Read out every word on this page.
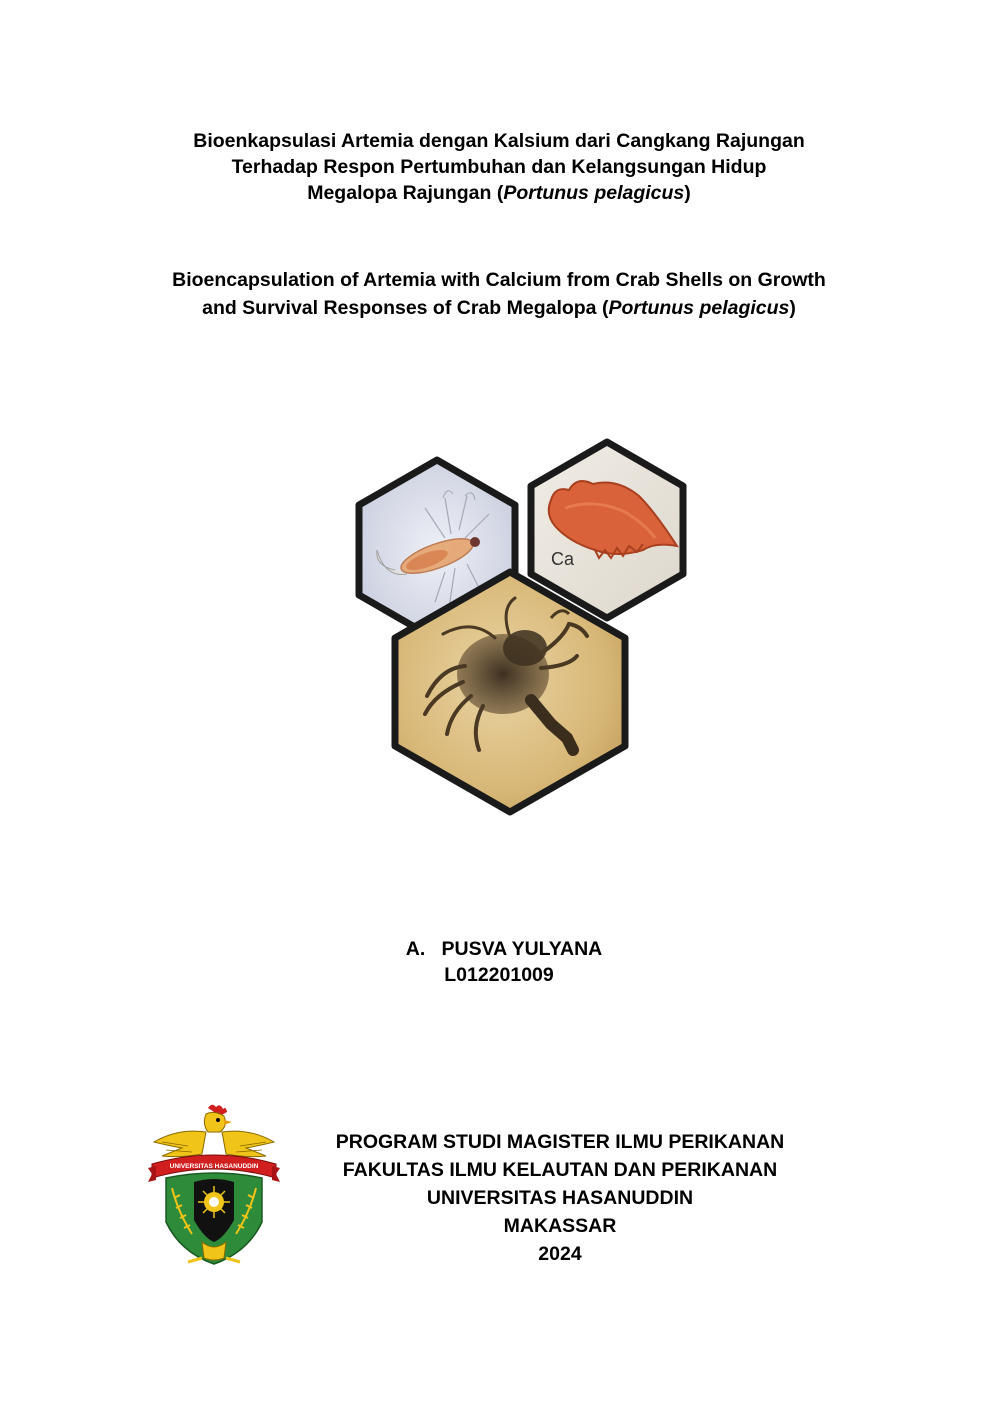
Bioenkapsulasi Artemia dengan Kalsium dari Cangkang Rajungan
Terhadap Respon Pertumbuhan dan Kelangsungan Hidup
Megalopa Rajungan (Portunus pelagicus)
Bioencapsulation of Artemia with Calcium from Crab Shells on Growth
and Survival Responses of Crab Megalopa (Portunus pelagicus)
Ca
A.   PUSVA YULYANA
L012201009
UNIVERSITAS HASANUDDIN
PROGRAM STUDI MAGISTER ILMU PERIKANAN
FAKULTAS ILMU KELAUTAN DAN PERIKANAN
UNIVERSITAS HASANUDDIN
MAKASSAR
2024
